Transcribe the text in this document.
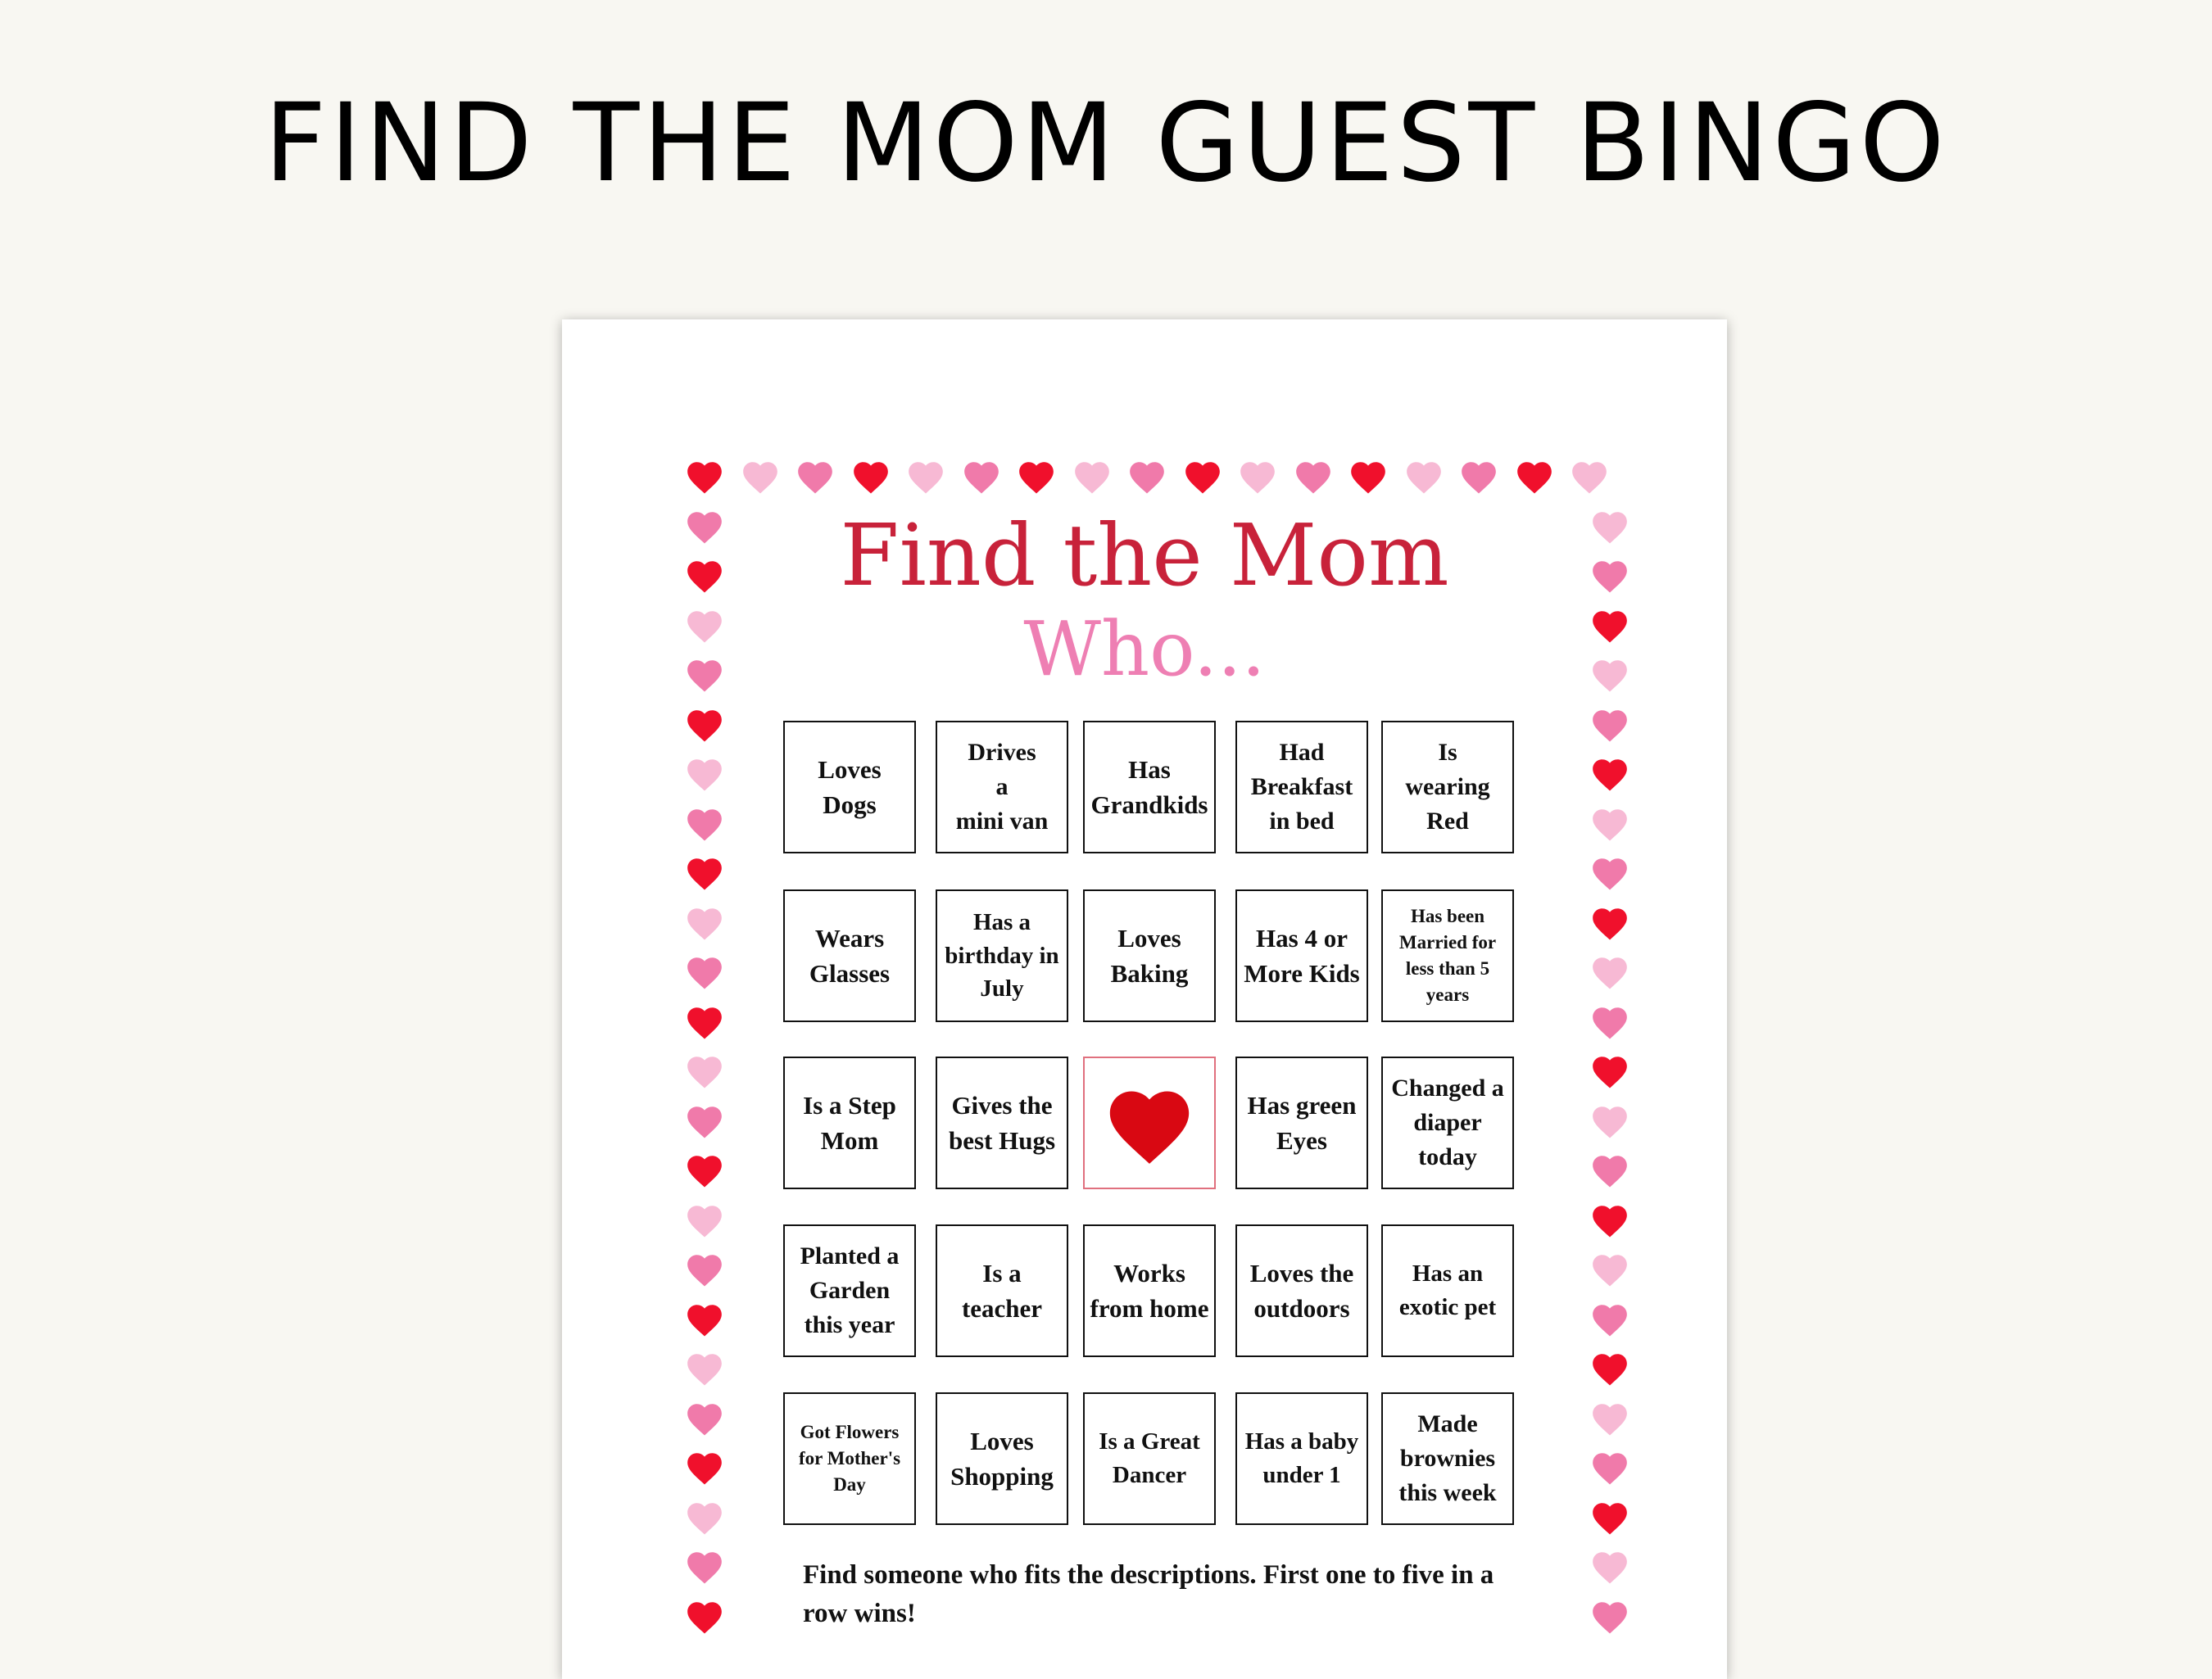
FIND THE MOM GUEST BINGO
Find the Mom
Who...
Loves
Dogs
Drives
a
mini van
Has
Grandkids
Had
Breakfast
in bed
Is
wearing
Red
Wears
Glasses
Has a
birthday in
July
Loves
Baking
Has 4 or
More Kids
Has been
Married for
less than 5
years
Is a Step
Mom
Gives the
best Hugs
Has green
Eyes
Changed a
diaper
today
Planted a
Garden
this year
Is a
teacher
Works
from home
Loves the
outdoors
Has an
exotic pet
Got Flowers
for Mother's
Day
Loves
Shopping
Is a Great
Dancer
Has a baby
under 1
Made
brownies
this week

Find someone who fits the descriptions. First one to five in a row wins!
